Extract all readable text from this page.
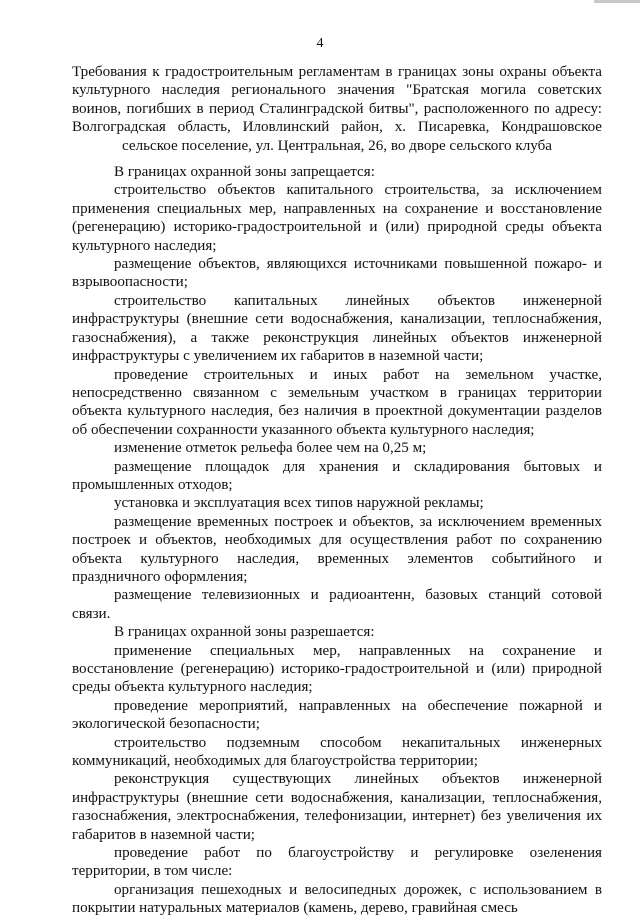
4

Требования к градостроительным регламентам в границах зоны охраны объекта культурного наследия регионального значения "Братская могила советских воинов, погибших в период Сталинградской битвы", расположенного по адресу: Волгоградская область, Иловлинский район, х. Писаревка, Кондрашовское сельское поселение, ул. Центральная, 26, во дворе сельского клуба

В границах охранной зоны запрещается:

строительство объектов капитального строительства, за исключением применения специальных мер, направленных на сохранение и восстановление (регенерацию) историко-градостроительной и (или) природной среды объекта культурного наследия;

размещение объектов, являющихся источниками повышенной пожаро- и взрывоопасности;

строительство капитальных линейных объектов инженерной инфраструктуры (внешние сети водоснабжения, канализации, теплоснабжения, газоснабжения), а также реконструкция линейных объектов инженерной инфраструктуры с увеличением их габаритов в наземной части;

проведение строительных и иных работ на земельном участке, непосредственно связанном с земельным участком в границах территории объекта культурного наследия, без наличия в проектной документации разделов об обеспечении сохранности указанного объекта культурного наследия;

изменение отметок рельефа более чем на 0,25 м;

размещение площадок для хранения и складирования бытовых и промышленных отходов;

установка и эксплуатация всех типов наружной рекламы;

размещение временных построек и объектов, за исключением временных построек и объектов, необходимых для осуществления работ по сохранению объекта культурного наследия, временных элементов событийного и праздничного оформления;

размещение телевизионных и радиоантенн, базовых станций сотовой связи.

В границах охранной зоны разрешается:

применение специальных мер, направленных на сохранение и восстановление (регенерацию) историко-градостроительной и (или) природной среды объекта культурного наследия;

проведение мероприятий, направленных на обеспечение пожарной и экологической безопасности;

строительство подземным способом некапитальных инженерных коммуникаций, необходимых для благоустройства территории;

реконструкция существующих линейных объектов инженерной инфраструктуры (внешние сети водоснабжения, канализации, теплоснабжения, газоснабжения, электроснабжения, телефонизации, интернет) без увеличения их габаритов в наземной части;

проведение работ по благоустройству и регулировке озеленения территории, в том числе:

организация пешеходных и велосипедных дорожек, с использованием в покрытии натуральных материалов (камень, дерево, гравийная смесь
